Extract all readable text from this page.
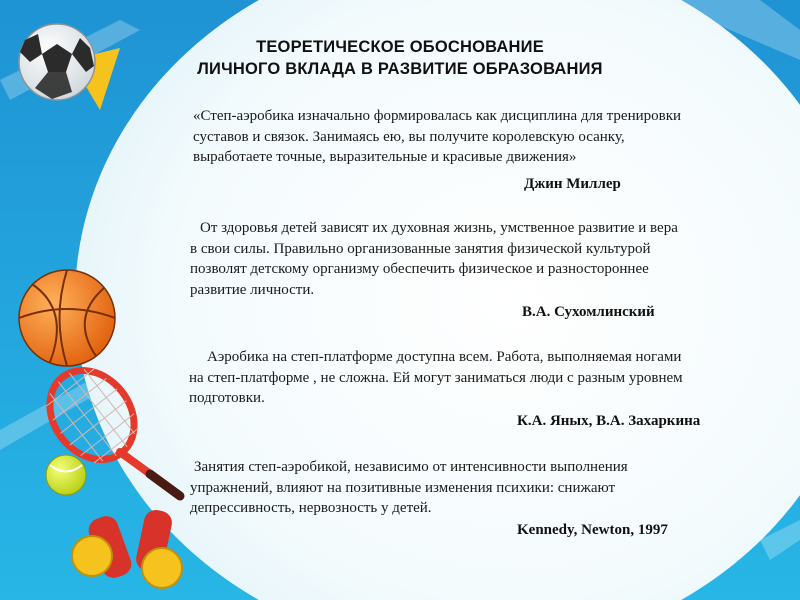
ТЕОРЕТИЧЕСКОЕ ОБОСНОВАНИЕ
ЛИЧНОГО ВКЛАДА В РАЗВИТИЕ ОБРАЗОВАНИЯ
«Степ-аэробика изначально формировалась как дисциплина для тренировки
суставов и связок. Занимаясь ею, вы получите королевскую осанку,
выработаете точные, выразительные и красивые движения»
Джин Миллер
От здоровья детей зависят их духовная жизнь, умственное развитие и вера
в свои силы. Правильно организованные занятия физической культурой
позволят детскому организму обеспечить физическое и разностороннее
развитие личности.
В.А. Сухомлинский
Аэробика на степ-платформе доступна всем. Работа, выполняемая ногами
на степ-платформе , не сложна. Ей могут заниматься люди с разным уровнем
подготовки.
К.А. Яных, В.А. Захаркина
Занятия степ-аэробикой, независимо от интенсивности выполнения
упражнений, влияют на позитивные изменения психики: снижают
депрессивность, нервозность у детей.
Kennedy, Newton, 1997
